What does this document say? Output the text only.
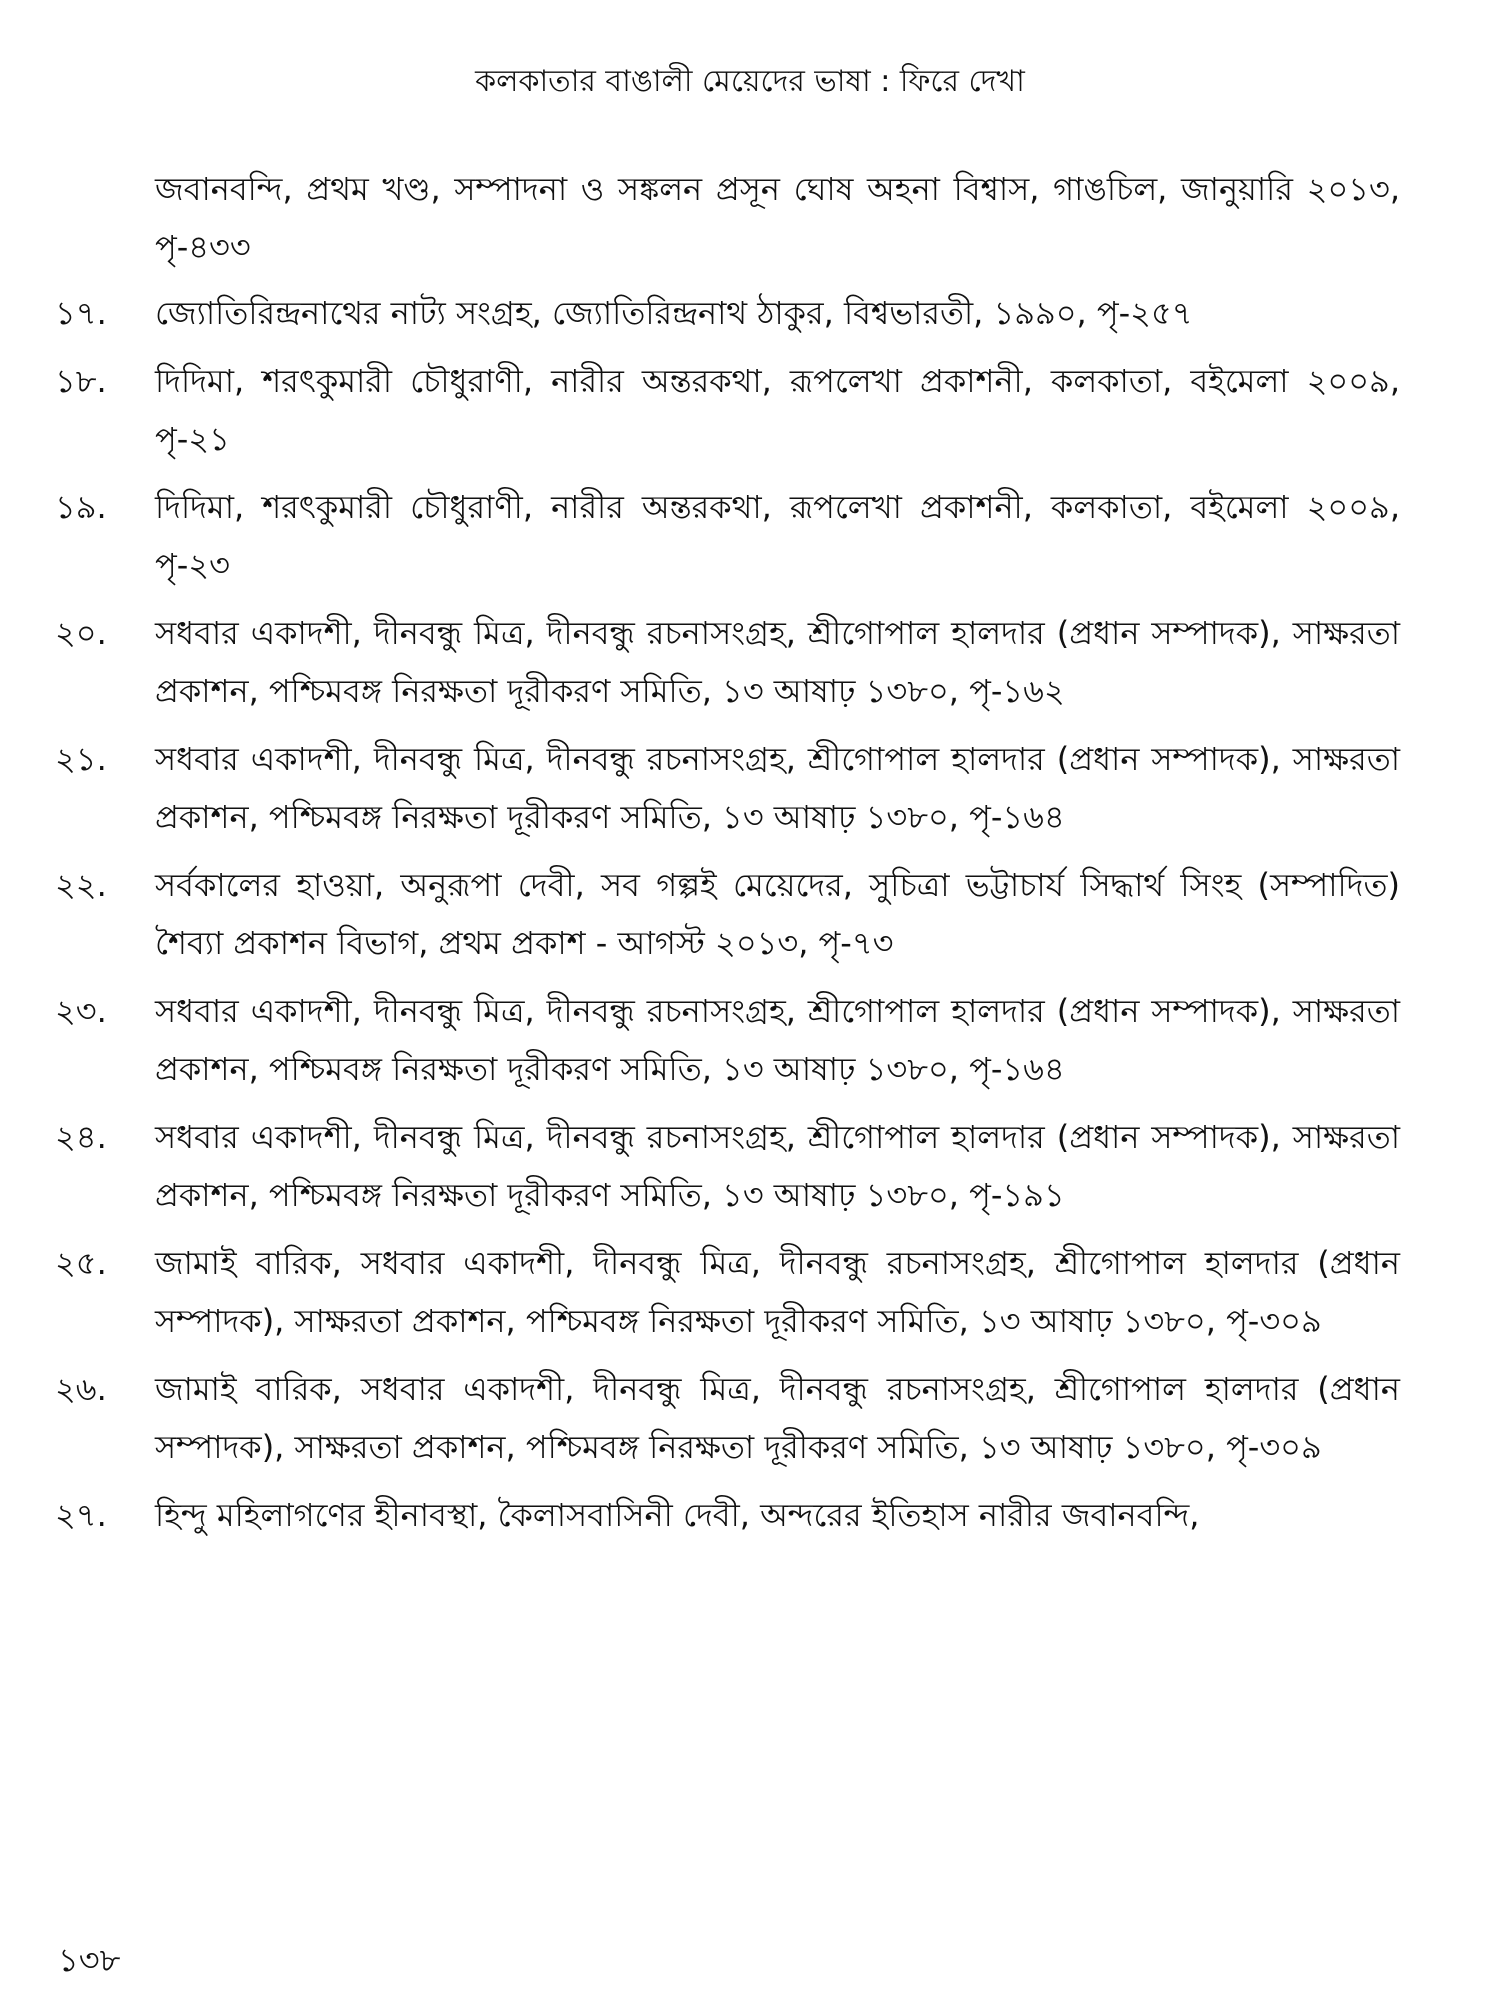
কলকাতার বাঙালী মেয়েদের ভাষা : ফিরে দেখা
জবানবন্দি, প্রথম খণ্ড, সম্পাদনা ও সঙ্কলন প্রসূন ঘোষ অহনা বিশ্বাস, গাঙচিল, জানুয়ারি ২০১৩, পৃ-৪৩৩
১৭.	জ্যোতিরিন্দ্রনাথের নাট্য সংগ্রহ, জ্যোতিরিন্দ্রনাথ ঠাকুর, বিশ্বভারতী, ১৯৯০, পৃ-২৫৭
১৮.	দিদিমা, শরৎকুমারী চৌধুরাণী, নারীর অন্তরকথা, রূপলেখা প্রকাশনী, কলকাতা, বইমেলা ২০০৯, পৃ-২১
১৯.	দিদিমা, শরৎকুমারী চৌধুরাণী, নারীর অন্তরকথা, রূপলেখা প্রকাশনী, কলকাতা, বইমেলা ২০০৯, পৃ-২৩
২০.	সধবার একাদশী, দীনবন্ধু মিত্র, দীনবন্ধু রচনাসংগ্রহ, শ্রীগোপাল হালদার (প্রধান সম্পাদক), সাক্ষরতা প্রকাশন, পশ্চিমবঙ্গ নিরক্ষতা দূরীকরণ সমিতি, ১৩ আষাঢ় ১৩৮০, পৃ-১৬২
২১.	সধবার একাদশী, দীনবন্ধু মিত্র, দীনবন্ধু রচনাসংগ্রহ, শ্রীগোপাল হালদার (প্রধান সম্পাদক), সাক্ষরতা প্রকাশন, পশ্চিমবঙ্গ নিরক্ষতা দূরীকরণ সমিতি, ১৩ আষাঢ় ১৩৮০, পৃ-১৬৪
২২.	সর্বকালের হাওয়া, অনুরূপা দেবী, সব গল্পই মেয়েদের, সুচিত্রা ভট্টাচার্য সিদ্ধার্থ সিংহ (সম্পাদিত) শৈব্যা প্রকাশন বিভাগ, প্রথম প্রকাশ - আগস্ট ২০১৩, পৃ-৭৩
২৩.	সধবার একাদশী, দীনবন্ধু মিত্র, দীনবন্ধু রচনাসংগ্রহ, শ্রীগোপাল হালদার (প্রধান সম্পাদক), সাক্ষরতা প্রকাশন, পশ্চিমবঙ্গ নিরক্ষতা দূরীকরণ সমিতি, ১৩ আষাঢ় ১৩৮০, পৃ-১৬৪
২৪.	সধবার একাদশী, দীনবন্ধু মিত্র, দীনবন্ধু রচনাসংগ্রহ, শ্রীগোপাল হালদার (প্রধান সম্পাদক), সাক্ষরতা প্রকাশন, পশ্চিমবঙ্গ নিরক্ষতা দূরীকরণ সমিতি, ১৩ আষাঢ় ১৩৮০, পৃ-১৯১
২৫.	জামাই বারিক, সধবার একাদশী, দীনবন্ধু মিত্র, দীনবন্ধু রচনাসংগ্রহ, শ্রীগোপাল হালদার (প্রধান সম্পাদক), সাক্ষরতা প্রকাশন, পশ্চিমবঙ্গ নিরক্ষতা দূরীকরণ সমিতি, ১৩ আষাঢ় ১৩৮০, পৃ-৩০৯
২৬.	জামাই বারিক, সধবার একাদশী, দীনবন্ধু মিত্র, দীনবন্ধু রচনাসংগ্রহ, শ্রীগোপাল হালদার (প্রধান সম্পাদক), সাক্ষরতা প্রকাশন, পশ্চিমবঙ্গ নিরক্ষতা দূরীকরণ সমিতি, ১৩ আষাঢ় ১৩৮০, পৃ-৩০৯
২৭.	হিন্দু মহিলাগণের হীনাবস্থা, কৈলাসবাসিনী দেবী, অন্দরের ইতিহাস নারীর জবানবন্দি,
১৩৮
